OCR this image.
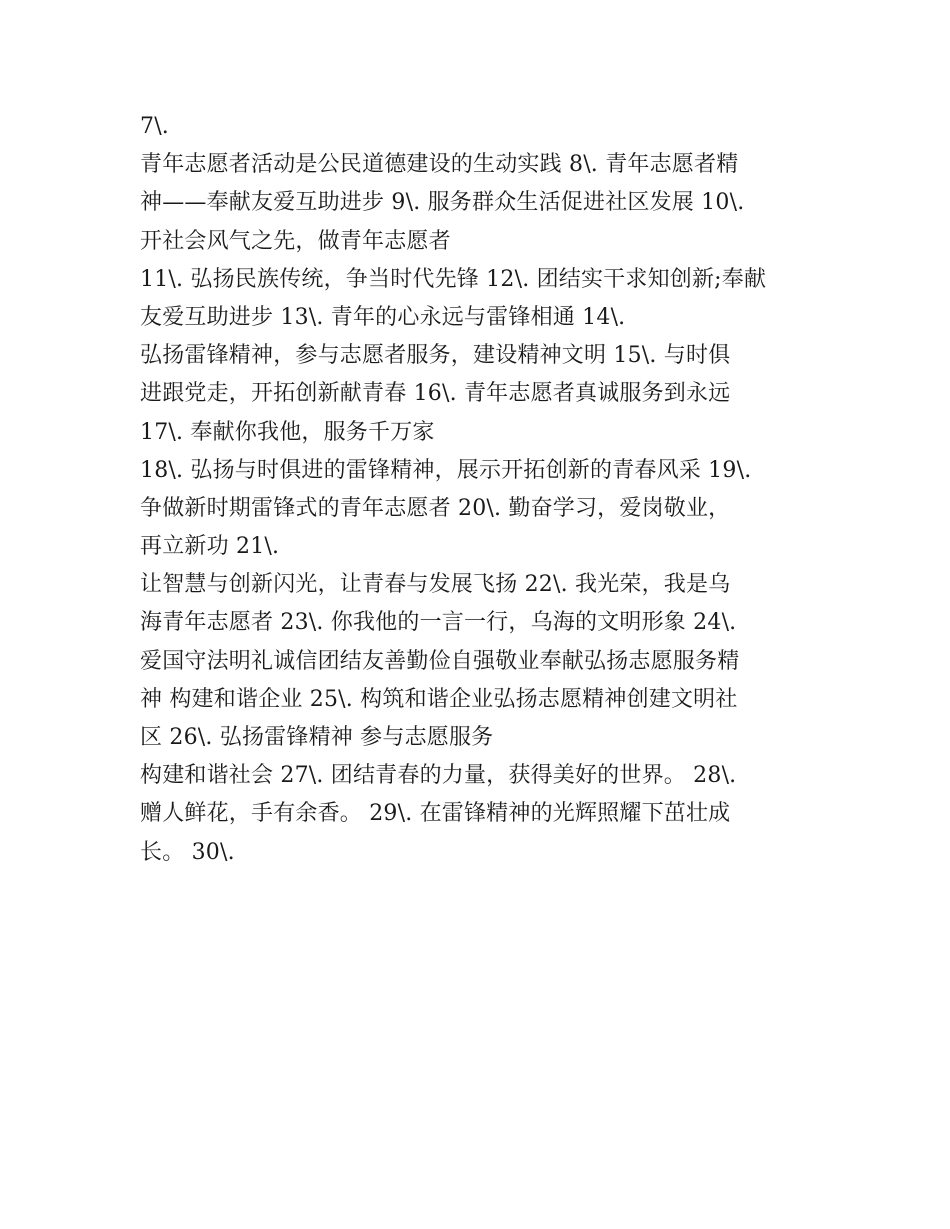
7\.
青年志愿者活动是公民道德建设的生动实践 8\. 青年志愿者精
神——奉献友爱互助进步 9\. 服务群众生活促进社区发展 10\.
开社会风气之先，做青年志愿者
11\. 弘扬民族传统，争当时代先锋 12\. 团结实干求知创新;奉献
友爱互助进步 13\. 青年的心永远与雷锋相通 14\.
弘扬雷锋精神，参与志愿者服务，建设精神文明 15\. 与时俱
进跟党走，开拓创新献青春 16\. 青年志愿者真诚服务到永远
17\. 奉献你我他，服务千万家
18\. 弘扬与时俱进的雷锋精神，展示开拓创新的青春风采 19\.
争做新时期雷锋式的青年志愿者 20\. 勤奋学习，爱岗敬业，
再立新功 21\.
让智慧与创新闪光，让青春与发展飞扬 22\. 我光荣，我是乌
海青年志愿者 23\. 你我他的一言一行，乌海的文明形象 24\.
爱国守法明礼诚信团结友善勤俭自强敬业奉献弘扬志愿服务精
神 构建和谐企业 25\. 构筑和谐企业弘扬志愿精神创建文明社
区 26\. 弘扬雷锋精神 参与志愿服务
构建和谐社会 27\. 团结青春的力量，获得美好的世界。 28\.
赠人鲜花，手有余香。 29\. 在雷锋精神的光辉照耀下茁壮成
长。 30\.
